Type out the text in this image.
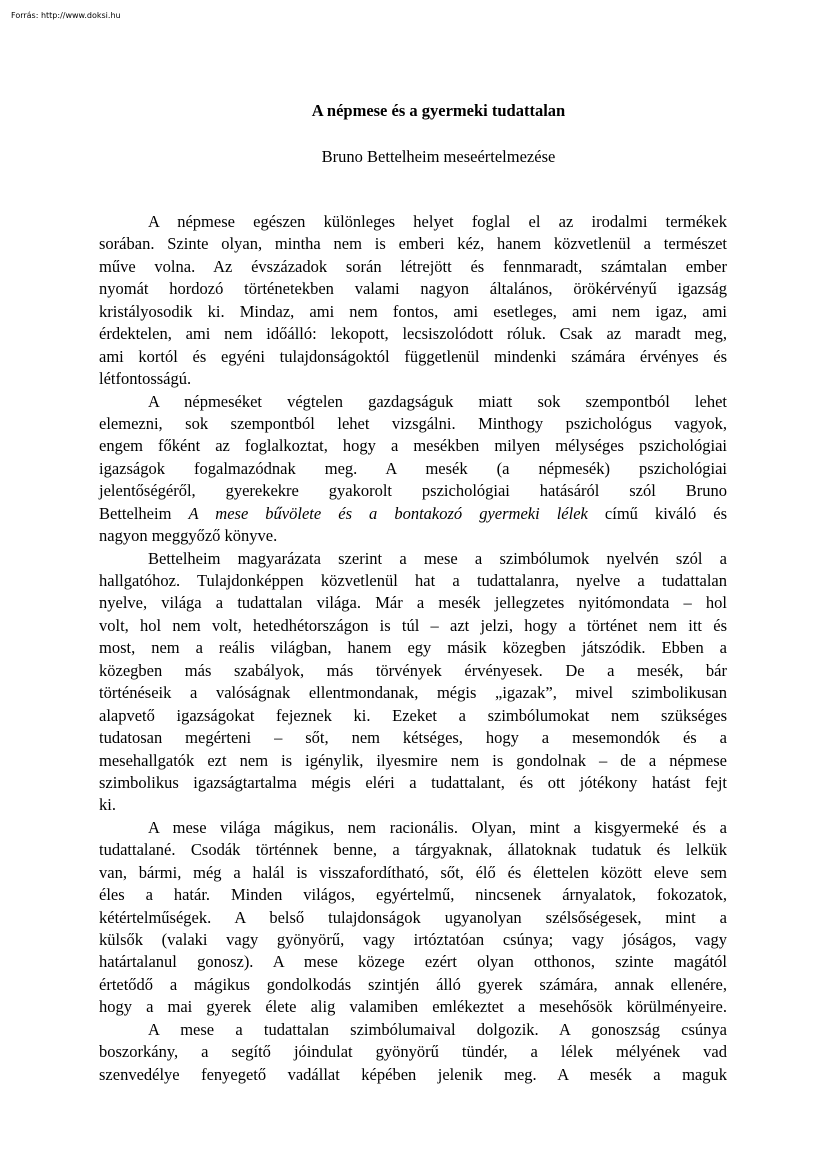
Forrás: http://www.doksi.hu
A népmese és a gyermeki tudattalan
Bruno Bettelheim meseértelmezése
A népmese egészen különleges helyet foglal el az irodalmi termékek
sorában. Szinte olyan, mintha nem is emberi kéz, hanem közvetlenül a természet
műve volna. Az évszázadok során létrejött és fennmaradt, számtalan ember
nyomát hordozó történetekben valami nagyon általános, örökérvényű igazság
kristályosodik ki. Mindaz, ami nem fontos, ami esetleges, ami nem igaz, ami
érdektelen, ami nem időálló: lekopott, lecsiszolódott róluk. Csak az maradt meg,
ami kortól és egyéni tulajdonságoktól függetlenül mindenki számára érvényes és
létfontosságú.
A népmeséket végtelen gazdagságuk miatt sok szempontból lehet
elemezni, sok szempontból lehet vizsgálni. Minthogy pszichológus vagyok,
engem főként az foglalkoztat, hogy a mesékben milyen mélységes pszichológiai
igazságok fogalmazódnak meg. A mesék (a népmesék) pszichológiai
jelentőségéről, gyerekekre gyakorolt pszichológiai hatásáról szól Bruno
Bettelheim A mese bűvölete és a bontakozó gyermeki lélek című kiváló és
nagyon meggyőző könyve.
Bettelheim magyarázata szerint a mese a szimbólumok nyelvén szól a
hallgatóhoz. Tulajdonképpen közvetlenül hat a tudattalanra, nyelve a tudattalan
nyelve, világa a tudattalan világa. Már a mesék jellegzetes nyitómondata – hol
volt, hol nem volt, hetedhétországon is túl – azt jelzi, hogy a történet nem itt és
most, nem a reális világban, hanem egy másik közegben játszódik. Ebben a
közegben más szabályok, más törvények érvényesek. De a mesék, bár
történéseik a valóságnak ellentmondanak, mégis „igazak”, mivel szimbolikusan
alapvető igazságokat fejeznek ki. Ezeket a szimbólumokat nem szükséges
tudatosan megérteni – sőt, nem kétséges, hogy a mesemondók és a
mesehallgatók ezt nem is igénylik, ilyesmire nem is gondolnak – de a népmese
szimbolikus igazságtartalma mégis eléri a tudattalant, és ott jótékony hatást fejt
ki.
A mese világa mágikus, nem racionális. Olyan, mint a kisgyermeké és a
tudattalané. Csodák történnek benne, a tárgyaknak, állatoknak tudatuk és lelkük
van, bármi, még a halál is visszafordítható, sőt, élő és élettelen között eleve sem
éles a határ. Minden világos, egyértelmű, nincsenek árnyalatok, fokozatok,
kétértelműségek. A belső tulajdonságok ugyanolyan szélsőségesek, mint a
külsők (valaki vagy gyönyörű, vagy irtóztatóan csúnya; vagy jóságos, vagy
határtalanul gonosz). A mese közege ezért olyan otthonos, szinte magától
értetődő a mágikus gondolkodás szintjén álló gyerek számára, annak ellenére,
hogy a mai gyerek élete alig valamiben emlékeztet a mesehősök körülményeire.
A mese a tudattalan szimbólumaival dolgozik. A gonoszság csúnya
boszorkány, a segítő jóindulat gyönyörű tündér, a lélek mélyének vad
szenvedélye fenyegető vadállat képében jelenik meg. A mesék a maguk
